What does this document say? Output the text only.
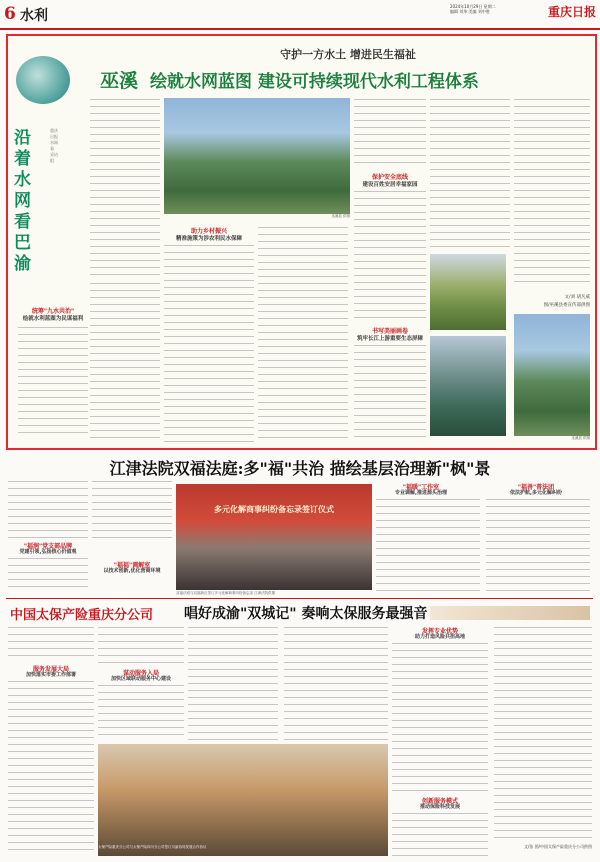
6 水利
2024年10月29日 星期二
编辑 刘华 美编 刘中胜	重庆日报
沿着水网看巴渝
重庆日报 水网看 采访组
守护一方水土 增进民生福祉
巫溪 绘就水网蓝图 建设可持续现代水利工程体系
巫溪县 供图
统筹"九水共治"
绘就水利蓝图为民谋福利
助力乡村振兴
精准施策为涉农利民水保障
保护安全底线
建设百姓安居幸福家园
书写美丽画卷
筑牢长江上游重要生态屏障
文/刘 胡凡威
图/巫溪县委宣传部供图
巫溪县 供图
江津法院双福法庭:多"福"共治 描绘基层治理新"枫"景
"福润"党支部品牌
党建引领,弘扬核心价值观
多元化解商事纠纷备忘录签订仪式
"福福"调解室
以技术创新,优化营商环境
双福法庭与双福新区签订多元化解商事纠纷备忘录 江津法院供图
"福暖"工作室
专业调解,推进源头治理
"福善"普法团
依法护航,多元化解纠纷
中国太保产险重庆分公司	唱好成渝"双城记" 奏响太保服务最强音
服务发展大局
加快落实市委工作部署	谋动服务入局
加快区域联动服务中心建设
太保产险重庆分公司与太保产险四川分公司签订川渝协同发展合作协议
发挥专业优势
助力打造风险共担高地
创新服务模式
推动保险科技发展
文/张 图/中国太保产险重庆分公司供图
